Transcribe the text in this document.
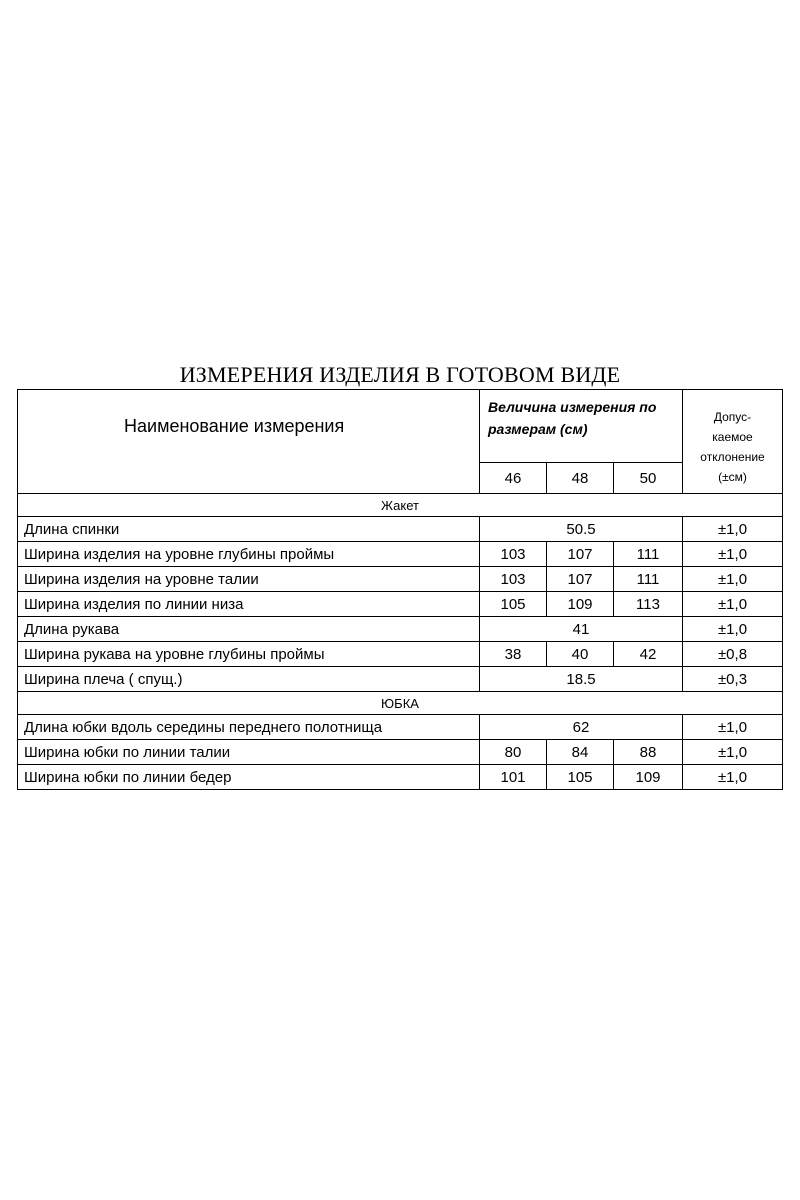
ИЗМЕРЕНИЯ ИЗДЕЛИЯ В ГОТОВОМ ВИДЕ
Наименование измерения	Величина измерения по
размерам (см)			Допус-
каемое
отклонение
(±см)
	46	48	50	
Жакет				
Длина спинки	50.5			±1,0
Ширина изделия на уровне глубины проймы	103	107	111	±1,0
Ширина изделия на уровне талии	103	107	111	±1,0
Ширина изделия по линии низа	105	109	113	±1,0
Длина рукава	41			±1,0
Ширина рукава на уровне глубины проймы	38	40	42	±0,8
Ширина плеча ( спущ.)	18.5			±0,3
ЮБКА				
Длина юбки вдоль середины переднего полотнища	62			±1,0
Ширина юбки по линии талии	80	84	88	±1,0
Ширина юбки по линии бедер	101	105	109	±1,0
